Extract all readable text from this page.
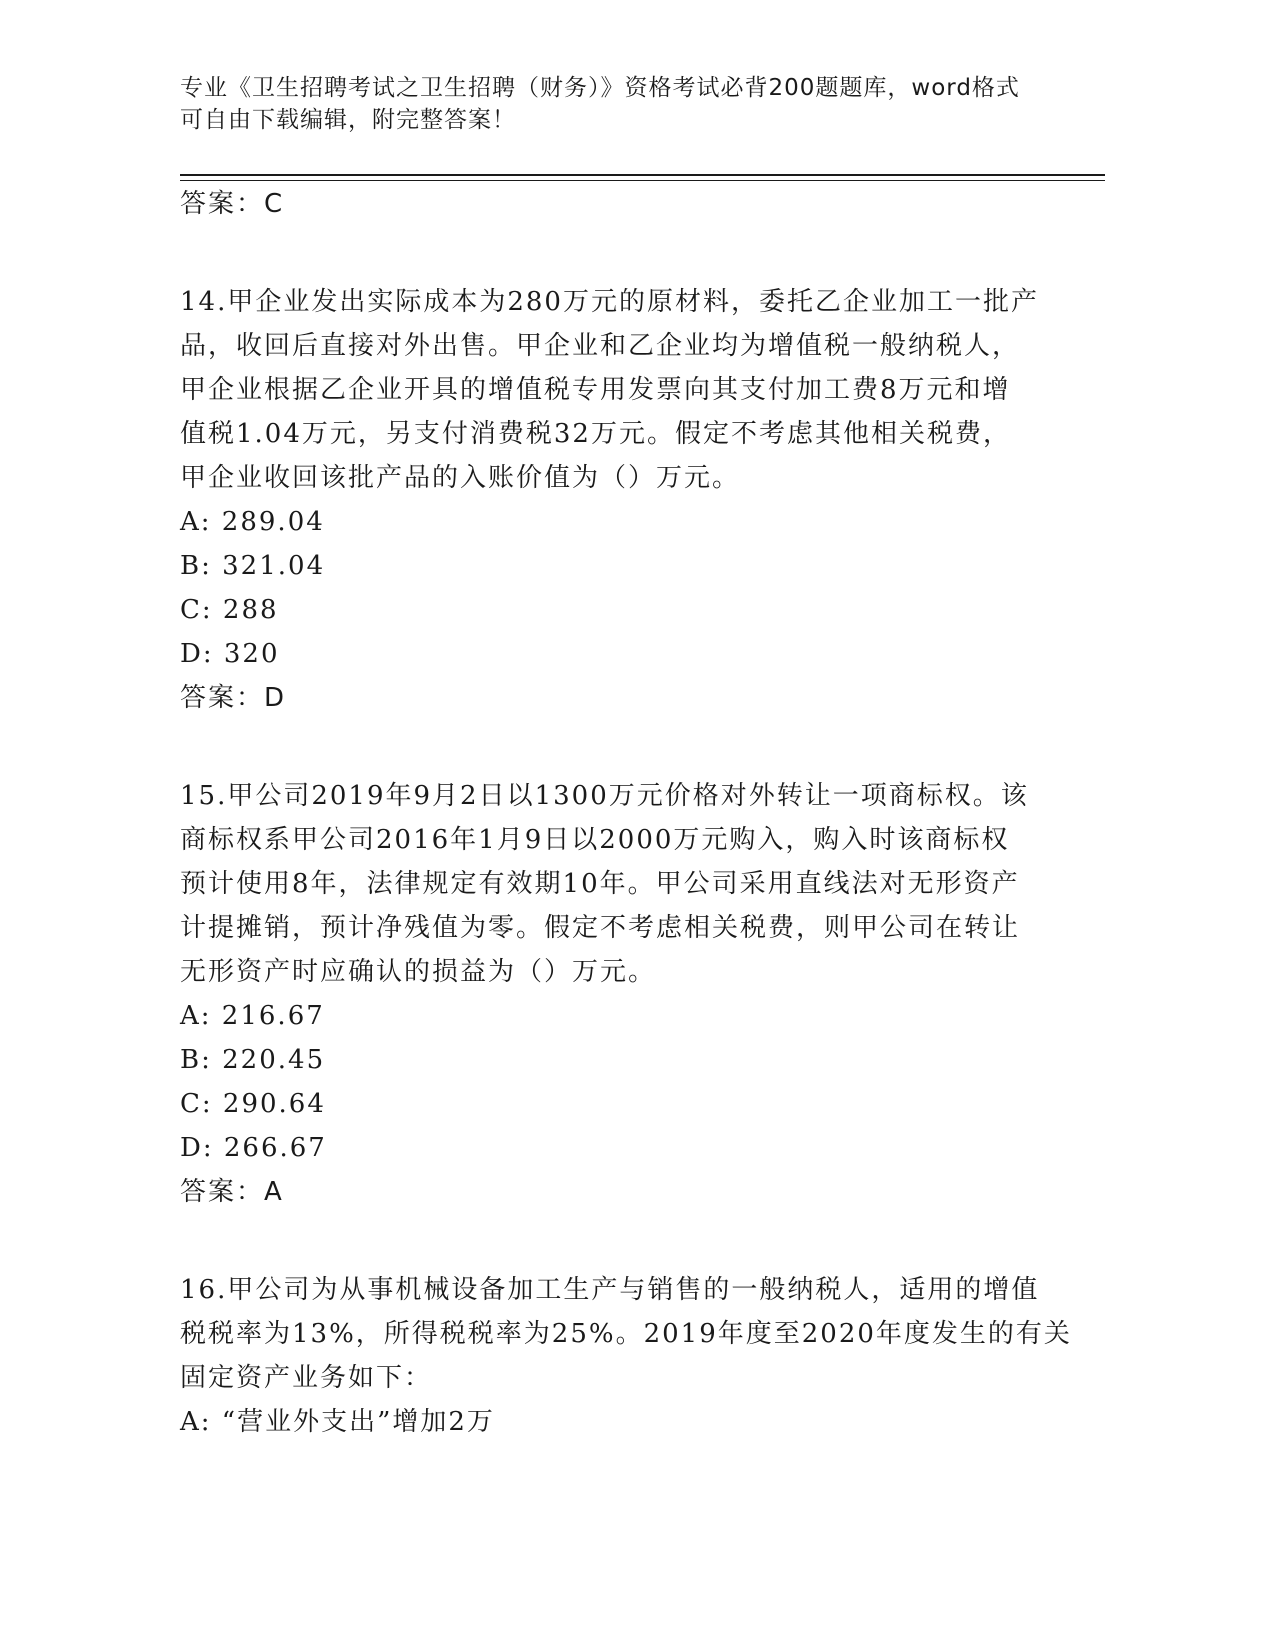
专业《卫生招聘考试之卫生招聘（财务）》资格考试必背200题题库，word格式

可自由下载编辑，附完整答案！

答案：C
14.甲企业发出实际成本为280万元的原材料，委托乙企业加工一批产
品，收回后直接对外出售。甲企业和乙企业均为增值税一般纳税人，
甲企业根据乙企业开具的增值税专用发票向其支付加工费8万元和增
值税1.04万元，另支付消费税32万元。假定不考虑其他相关税费，
甲企业收回该批产品的入账价值为（）万元。
A: 289.04
B: 321.04
C: 288
D: 320
答案：D
15.甲公司2019年9月2日以1300万元价格对外转让一项商标权。该
商标权系甲公司2016年1月9日以2000万元购入，购入时该商标权
预计使用8年，法律规定有效期10年。甲公司采用直线法对无形资产
计提摊销，预计净残值为零。假定不考虑相关税费，则甲公司在转让
无形资产时应确认的损益为（）万元。
A: 216.67
B: 220.45
C: 290.64
D: 266.67
答案：A
16.甲公司为从事机械设备加工生产与销售的一般纳税人，适用的增值
税税率为13%，所得税税率为25%。2019年度至2020年度发生的有关
固定资产业务如下：
A: “营业外支出”增加2万
